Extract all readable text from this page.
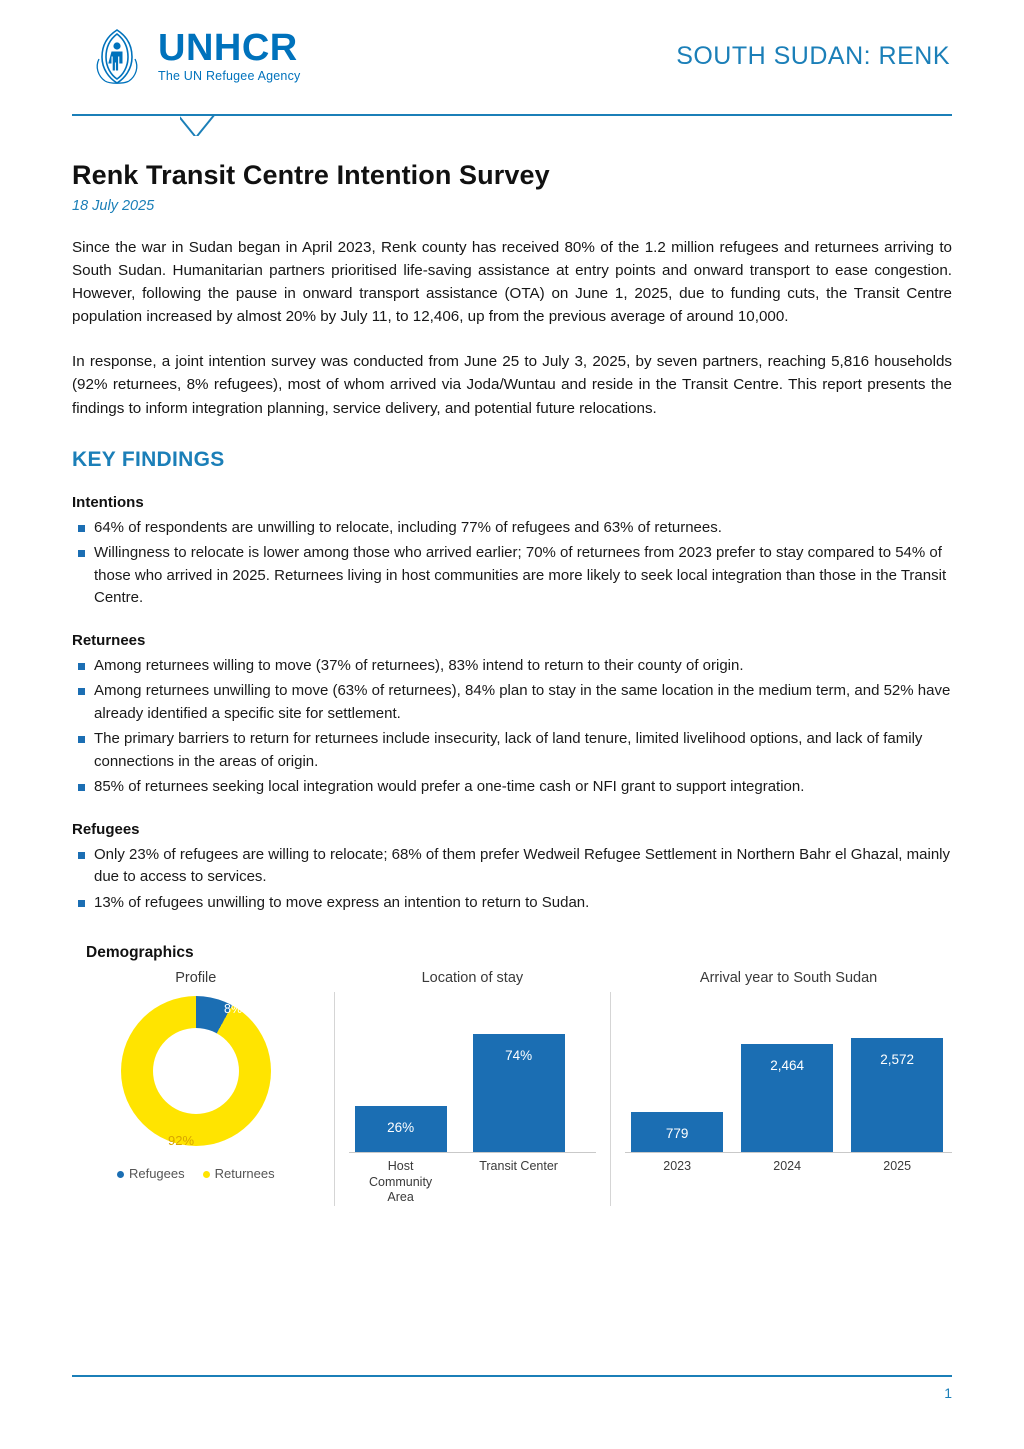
UNHCR
The UN Refugee Agency
SOUTH SUDAN: RENK
Renk Transit Centre Intention Survey
18 July 2025

Since the war in Sudan began in April 2023, Renk county has received 80% of the 1.2 million refugees and returnees arriving to South Sudan. Humanitarian partners prioritised life-saving assistance at entry points and onward transport to ease congestion. However, following the pause in onward transport assistance (OTA) on June 1, 2025, due to funding cuts, the Transit Centre population increased by almost 20% by July 11, to 12,406, up from the previous average of around 10,000.

In response, a joint intention survey was conducted from June 25 to July 3, 2025, by seven partners, reaching 5,816 households (92% returnees, 8% refugees), most of whom arrived via Joda/Wuntau and reside in the Transit Centre. This report presents the findings to inform integration planning, service delivery, and potential future relocations.

KEY FINDINGS
Intentions
64% of respondents are unwilling to relocate, including 77% of refugees and 63% of returnees.
Willingness to relocate is lower among those who arrived earlier; 70% of returnees from 2023 prefer to stay compared to 54% of those who arrived in 2025. Returnees living in host communities are more likely to seek local integration than those in the Transit Centre.
Returnees
Among returnees willing to move (37% of returnees), 83% intend to return to their county of origin.
Among returnees unwilling to move (63% of returnees), 84% plan to stay in the same location in the medium term, and 52% have already identified a specific site for settlement.
The primary barriers to return for returnees include insecurity, lack of land tenure, limited livelihood options, and lack of family connections in the areas of origin.
85% of returnees seeking local integration would prefer a one-time cash or NFI grant to support integration.
Refugees
Only 23% of refugees are willing to relocate; 68% of them prefer Wedweil Refugee Settlement in Northern Bahr el Ghazal, mainly due to access to services.
13% of refugees unwilling to move express an intention to return to Sudan.
Demographics
Profile
8%
92%
Refugees	Returnees
Location of stay
26%
74%
Host Community Area
Transit Center
Arrival year to South Sudan
779
2,464	2,572
2023	2024	2025
1
